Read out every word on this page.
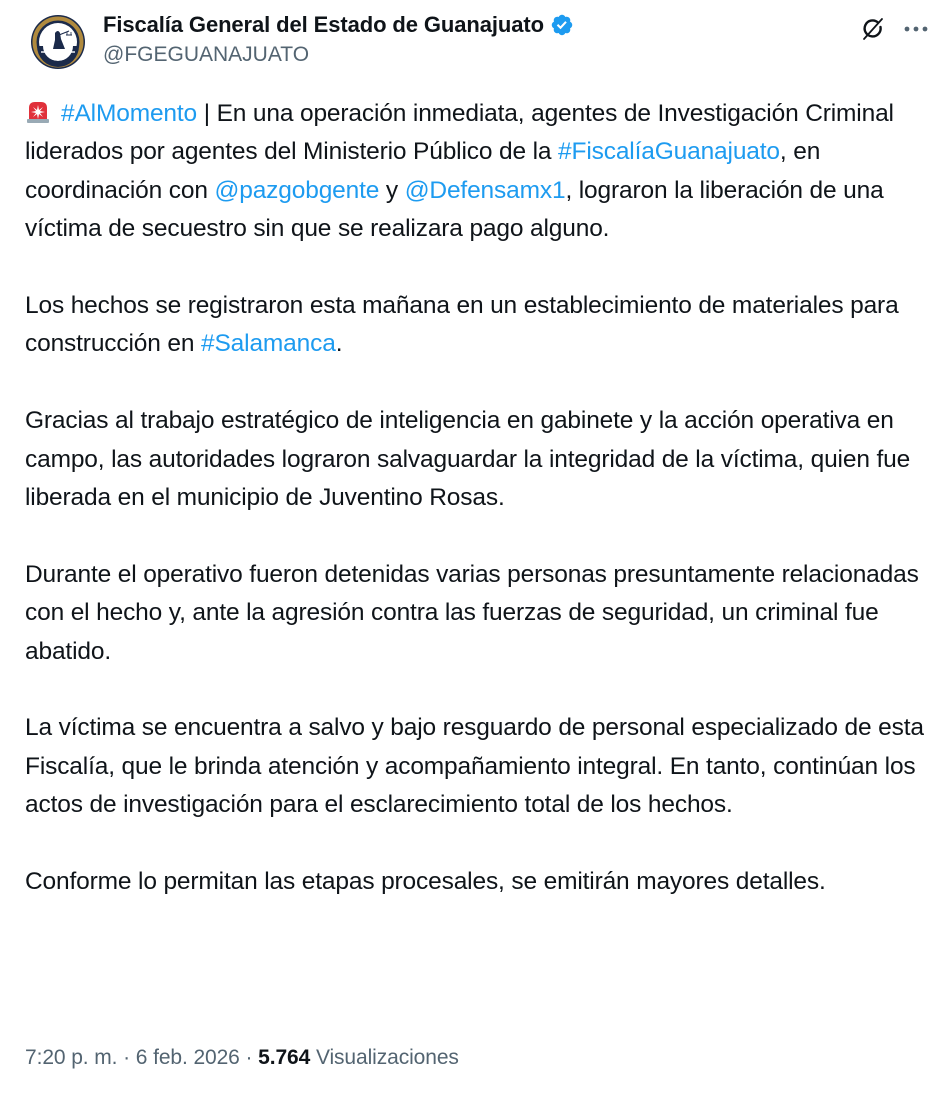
Fiscalía General del Estado de Guanajuato
@FGEGUANAJUATO

#AlMomento | En una operación inmediata, agentes de Investigación Criminal liderados por agentes del Ministerio Público de la #FiscalíaGuanajuato, en coordinación con @pazgobgente y @Defensamx1, lograron la liberación de una víctima de secuestro sin que se realizara pago alguno.

Los hechos se registraron esta mañana en un establecimiento de materiales para construcción en #Salamanca.

Gracias al trabajo estratégico de inteligencia en gabinete y la acción operativa en campo, las autoridades lograron salvaguardar la integridad de la víctima, quien fue liberada en el municipio de Juventino Rosas.

Durante el operativo fueron detenidas varias personas presuntamente relacionadas con el hecho y, ante la agresión contra las fuerzas de seguridad, un criminal fue abatido.

La víctima se encuentra a salvo y bajo resguardo de personal especializado de esta Fiscalía, que le brinda atención y acompañamiento integral. En tanto, continúan los actos de investigación para el esclarecimiento total de los hechos.

Conforme lo permitan las etapas procesales, se emitirán mayores detalles.

7:20 p. m. · 6 feb. 2026 · 5.764 Visualizaciones
